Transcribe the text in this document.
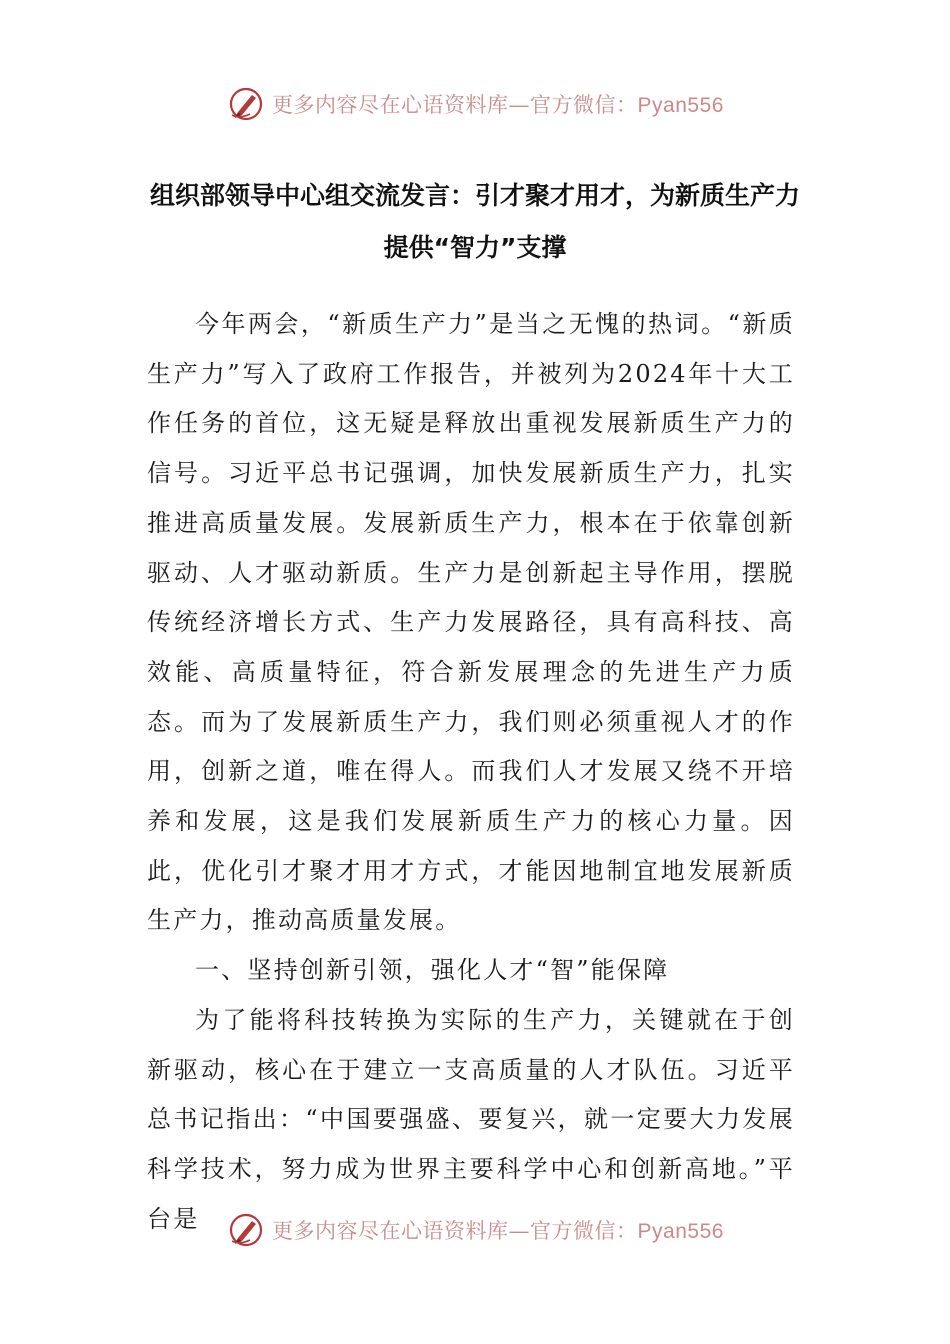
更多内容尽在心语资料库—官方微信：Pyan556
组织部领导中心组交流发言：引才聚才用才，为新质生产力提供“智力”支撑

今年两会，“新质生产力”是当之无愧的热词。“新质生产力”写入了政府工作报告，并被列为2024年十大工作任务的首位，这无疑是释放出重视发展新质生产力的信号。习近平总书记强调，加快发展新质生产力，扎实推进高质量发展。发展新质生产力，根本在于依靠创新驱动、人才驱动新质。生产力是创新起主导作用，摆脱传统经济增长方式、生产力发展路径，具有高科技、高效能、高质量特征，符合新发展理念的先进生产力质态。而为了发展新质生产力，我们则必须重视人才的作用，创新之道，唯在得人。而我们人才发展又绕不开培养和发展，这是我们发展新质生产力的核心力量。因此，优化引才聚才用才方式，才能因地制宜地发展新质生产力，推动高质量发展。

一、坚持创新引领，强化人才“智”能保障

为了能将科技转换为实际的生产力，关键就在于创新驱动，核心在于建立一支高质量的人才队伍。习近平总书记指出：“中国要强盛、要复兴，就一定要大力发展科学技术，努力成为世界主要科学中心和创新高地。”平台是	更多内容尽在心语资料库—官方微信：Pyan556
